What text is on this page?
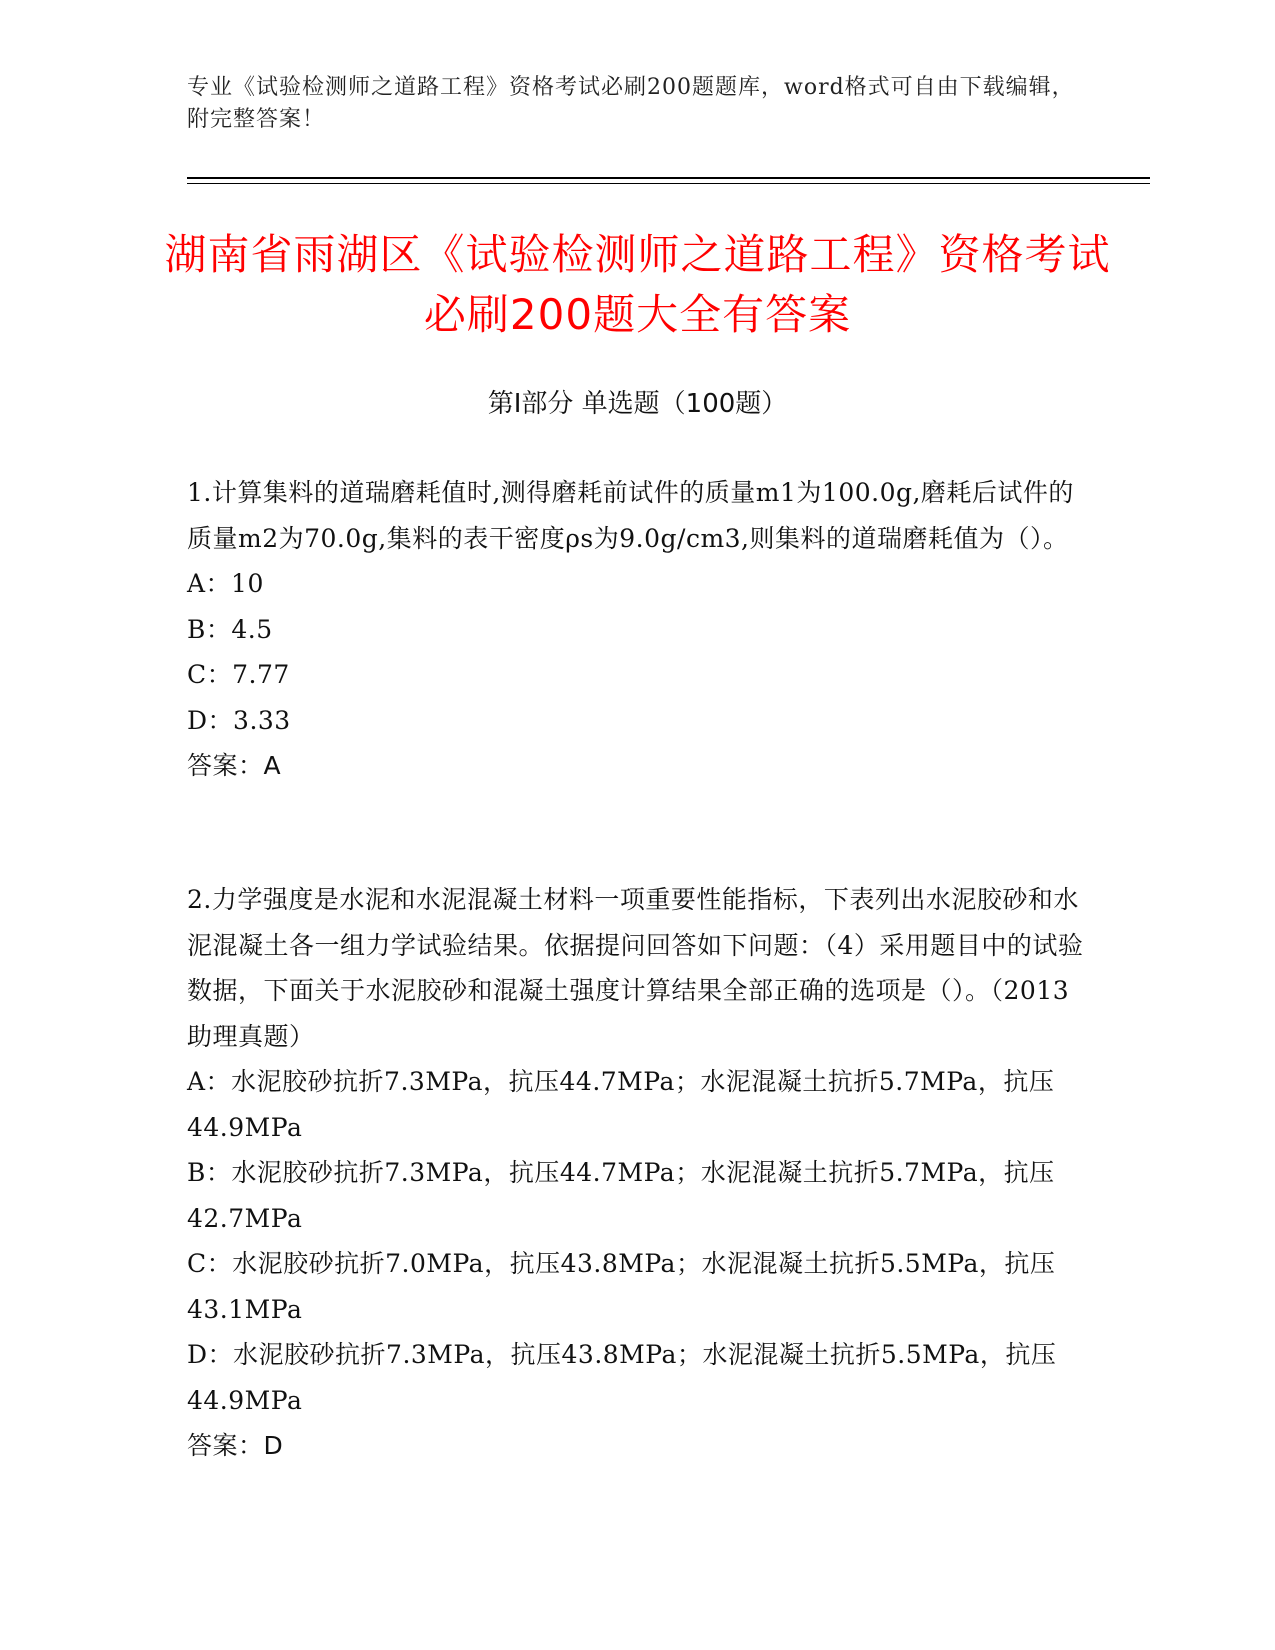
专业《试验检测师之道路工程》资格考试必刷200题题库，word格式可自由下载编辑，附完整答案！
湖南省雨湖区《试验检测师之道路工程》资格考试必刷200题大全有答案
第Ⅰ部分 单选题（100题）

1.计算集料的道瑞磨耗值时,测得磨耗前试件的质量m1为100.0g,磨耗后试件的质量m2为70.0g,集料的表干密度ρs为9.0g/cm3,则集料的道瑞磨耗值为（）。

A：10

B：4.5

C：7.77

D：3.33

答案：A

2.力学强度是水泥和水泥混凝土材料一项重要性能指标，下表列出水泥胶砂和水泥混凝土各一组力学试验结果。依据提问回答如下问题：（4）采用题目中的试验数据，下面关于水泥胶砂和混凝土强度计算结果全部正确的选项是（）。（2013助理真题）

A：水泥胶砂抗折7.3MPa，抗压44.7MPa；水泥混凝土抗折5.7MPa，抗压44.9MPa

B：水泥胶砂抗折7.3MPa，抗压44.7MPa；水泥混凝土抗折5.7MPa，抗压42.7MPa

C：水泥胶砂抗折7.0MPa，抗压43.8MPa；水泥混凝土抗折5.5MPa，抗压43.1MPa

D：水泥胶砂抗折7.3MPa，抗压43.8MPa；水泥混凝土抗折5.5MPa，抗压44.9MPa

答案：D
